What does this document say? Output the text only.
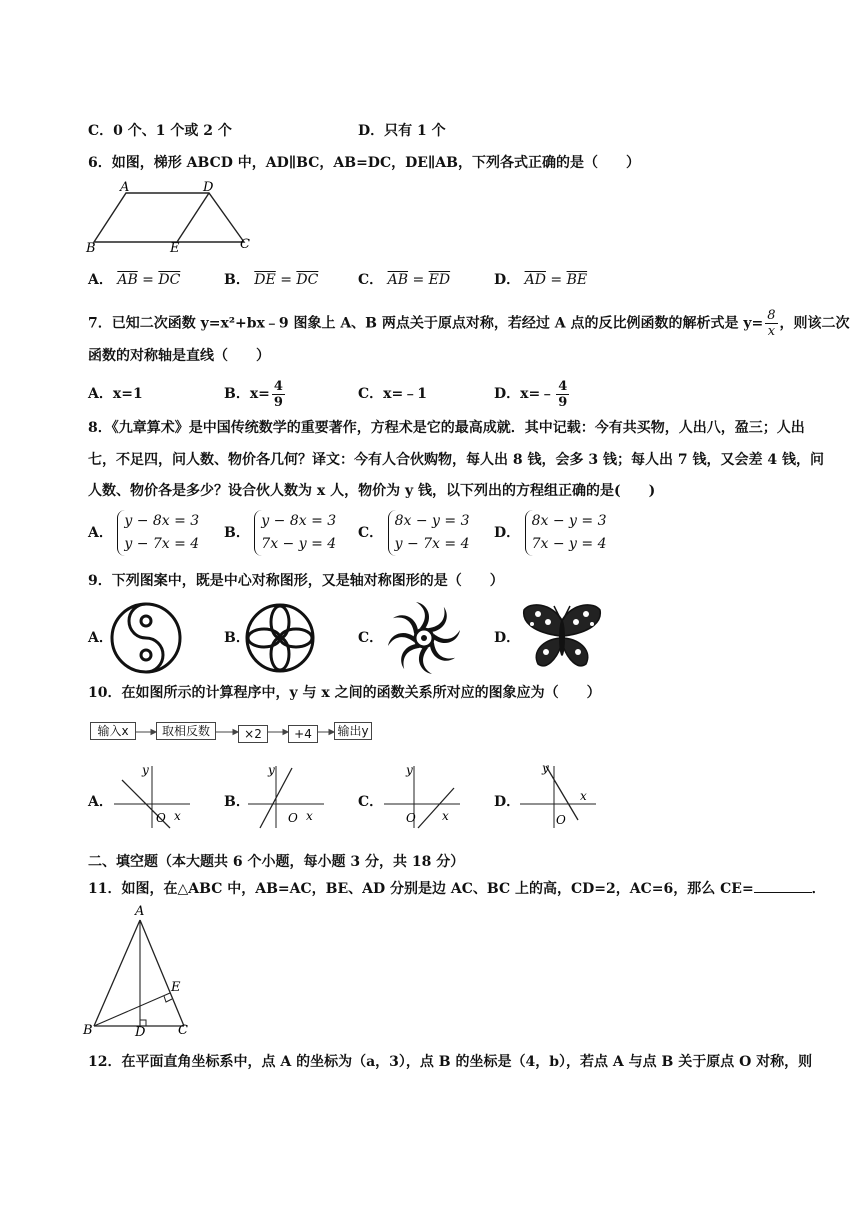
C．0 个、1 个或 2 个	D．只有 1 个
6．如图，梯形 ABCD 中，AD∥BC，AB=DC，DE∥AB，下列各式正确的是（　　）
A	D
B	E	C
A． $\overline{AB} = \overline{DC}$	B． $\overline{DE} = \overline{DC}$	C． $\overline{AB} = \overline{ED}$	D． $\overline{AD} = \overline{BE}$
7．已知二次函数 y=x²+bx﹣9 图象上 A、B 两点关于原点对称，若经过 A 点的反比例函数的解析式是 $y= \frac{8}{x}$ ，则该二次
函数的对称轴是直线（　　）
A．x=1	B．$x= \frac{4}{9}$	C．x=﹣1	D．x=﹣ $\frac{4}{9}$
8．《九章算术》是中国传统数学的重要著作，方程术是它的最高成就．其中记载：今有共买物，人出八，盈三；人出
七，不足四，问人数、物价各几何？译文：今有人合伙购物，每人出 8 钱，会多 3 钱；每人出 7 钱，又会差 4 钱，问
人数、物价各是多少？设合伙人数为 x 人，物价为 y 钱，以下列出的方程组正确的是(　　)
A．
y − 8x = 3
y − 7x = 4
B．
y − 8x = 3
7x − y = 4
C．
8x − y = 3
y − 7x = 4
D．
8x − y = 3
7x − y = 4
9．下列图案中，既是中心对称图形，又是轴对称图形的是（　　）
A．	B．	C．	D．
10．在如图所示的计算程序中，y 与 x 之间的函数关系所对应的图象应为（　　）
输入x	取相反数	×2	+4	输出y
A．
y
x
O
B．
y
x
O
C．
y
x
O
D．
y
x
O
二、填空题（本大题共 6 个小题，每小题 3 分，共 18 分）
11．如图，在△ABC 中，AB=AC，BE、AD 分别是边 AC、BC 上的高，CD=2，AC=6，那么 CE=	．
A
E
B	D	C
12．在平面直角坐标系中，点 A 的坐标为（a，3），点 B 的坐标是（4，b），若点 A 与点 B 关于原点 O 对称，则
